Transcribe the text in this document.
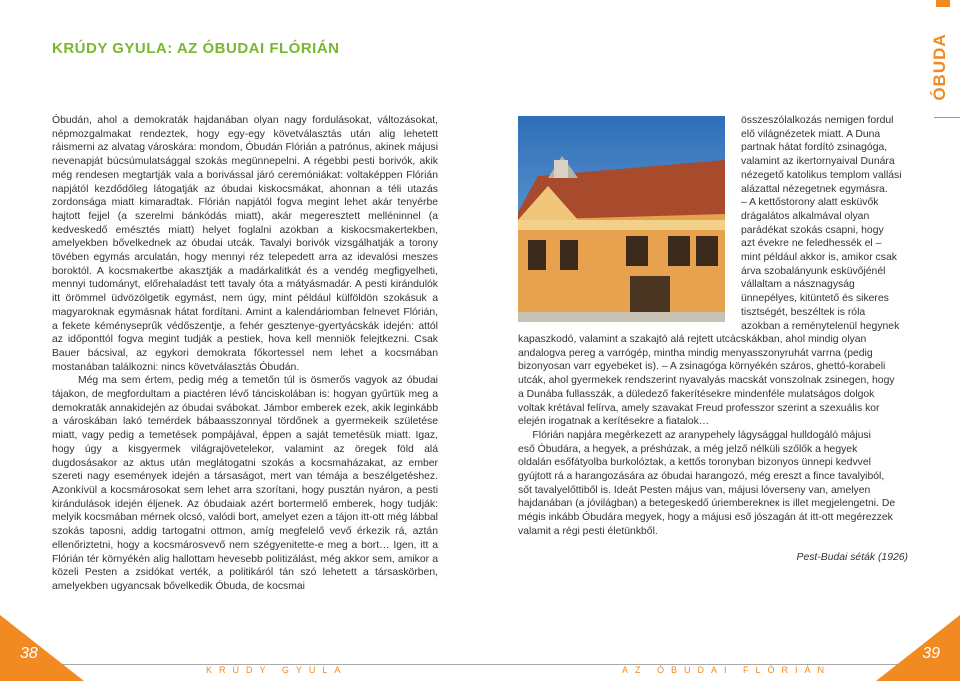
KRÚDY GYULA: AZ ÓBUDAI FLÓRIÁN	ÓBUDA

Óbudán, ahol a demokraták hajdanában olyan nagy fordulásokat, változásokat, népmozgalmakat rendeztek, hogy egy-egy követválasztás után alig lehetett ráismerni az alvatag városkára: mondom, Óbudán Flórián a patrónus, akinek májusi nevenapját búcsúmulatsággal szokás megünnepelni. A régebbi pesti borivók, akik még rendesen megtartják vala a borivással járó ceremóniákat: voltaképpen Flórián napjától kezdődőleg látogatják az óbudai kiskocsmákat, ahonnan a téli utazás zordonsága miatt kimaradtak. Flórián napjától fogva megint lehet akár tenyérbe hajtott fejjel (a szerelmi bánkódás miatt), akár megeresztett melléninnel (a kedveskedő emésztés miatt) helyet foglalni azokban a kiskocsmakertekben, amelyekben bővelkednek az óbudai utcák. Tavalyi borivók vizsgálhatják a torony tövében egymás arculatán, hogy mennyi réz telepedett arra az idevalósi meszes boroktól. A kocsmakertbe akasztják a madárkalitkát és a vendég megfigyelheti, mennyi tudományt, előrehaladást tett tavaly óta a mátyásmadár. A pesti kirándulók itt örömmel üdvözölgetik egymást, nem úgy, mint például külföldön szokásuk a magyaroknak egymásnak hátat fordítani. Amint a kalendáriomban felnevet Flórián, a fekete kéményseprűk védőszentje, a fehér gesztenye-gyertyácskák idején: attól az időponttól fogva megint tudják a pestiek, hova kell menniök felejtkezni. Csak Bauer bácsival, az egykori demokrata főkortessel nem lehet a kocsmában mostanában találkozni: nincs követválasztás Óbudán.

Még ma sem értem, pedig még a temetőn túl is ösmerős vagyok az óbudai tájakon, de megfordultam a piactéren lévő tánciskolában is: hogyan gyűrtük meg a demokraták annakidején az óbudai svábokat. Jámbor emberek ezek, akik leginkább a városkában lakó temérdek bábaasszonnyal tördőnek a gyermekeik születése miatt, vagy pedig a temetések pompájával, éppen a saját temetésük miatt. Igaz, hogy úgy a kisgyermek világrajövetelekor, valamint az öregek föld alá dugdosásakor az aktus után meglátogatni szokás a kocsmaházakat, az ember szereti nagy események idején a társaságot, mert van témája a beszélgetéshez. Azonkívül a kocsmárosokat sem lehet arra szorítani, hogy pusztán nyáron, a pesti kirándulások idején éljenek. Az óbudaiak azért bortermelő emberek, hogy tudják: melyik kocsmában mérnek olcsó, valódi bort, amelyet ezen a tájon itt-ott még lábbal szokás taposni, addig tartogatni ottmon, amíg megfelelő vevő érkezik rá, aztán ellenőriztetni, hogy a kocsmárosvevő nem szégyenitette-e meg a bort… Igen, itt a Flórián tér környékén alig hallottam hevesebb politizálást, még akkor sem, amikor a közeli Pesten a zsidókat verték, a politikáról tán szó lehetett a társaskörben, amelyekben ugyancsak bővelkedik Óbuda, de kocsmai

összeszólalkozás nemigen fordul
elő világnézetek miatt. A Duna
partnak hátat fordító zsinagóga,
valamint az ikertornyaival Dunára
nézegető katolikus templom vallási
alázattal nézegetnek egymásra.
– A kettőstorony alatt esküvők
drágalátos alkalmával olyan
parádékat szokás csapni, hogy
azt évekre ne feledhessék el –
mint például akkor is, amikor csak
árva szobalányunk esküvőjénél
vállaltam a násznagyság
ünnepélyes, kitüntető és sikeres
tisztségét, beszéltek is róla
azokban a reménytelenül hegynek
kapaszkodó, valamint a szakajtó alá rejtett utcácskákban, ahol mindig olyan
andalogva pereg a varrógép, mintha mindig menyasszonyruhát varrna (pedig
bizonyosan varr egyebeket is). – A zsinagóga környékén száros, ghettó-korabeli
utcák, ahol gyermekek rendszerint nyavalyás macskát vonszolnak zsinegen, hogy
a Dunába fullasszák, a düledező fakerítésekre mindenféle mulatságos dolgok
voltak krétával felírva, amely szavakat Freud professzor szerint a szexuális kor
elején irogatnak a kerítésekre a fiatalok…
Flórián napjára megérkezett az aranypehely lágysággal hulldogáló májusi
eső Óbudára, a hegyek, a préshάzak, a még jelző nélküli szőlők a hegyek
oldalán esőfátyolba burkolóztak, a kettős toronyban bizonyos ünnepi kedvvel
gyújtott rá a harangozására az óbudai harangozó, még ereszt a fince tavalyiból,
sőt tavalyelőttiből is. Ideát Pesten május van, májusi lóverseny van, amelyen
hajdanában (a jóvilágban) a betegeskedő úriemberekneк is illet megjelengetni. De
mégis inkább Óbudára megyek, hogy a májusi eső jószagán át itt-ott megérezzek
valamit a régi pesti életünkből.
Pest-Budai séták (1926)
38	39
KRÚDY GYULA	AZ ÓBUDAI FLÓRIÁN
